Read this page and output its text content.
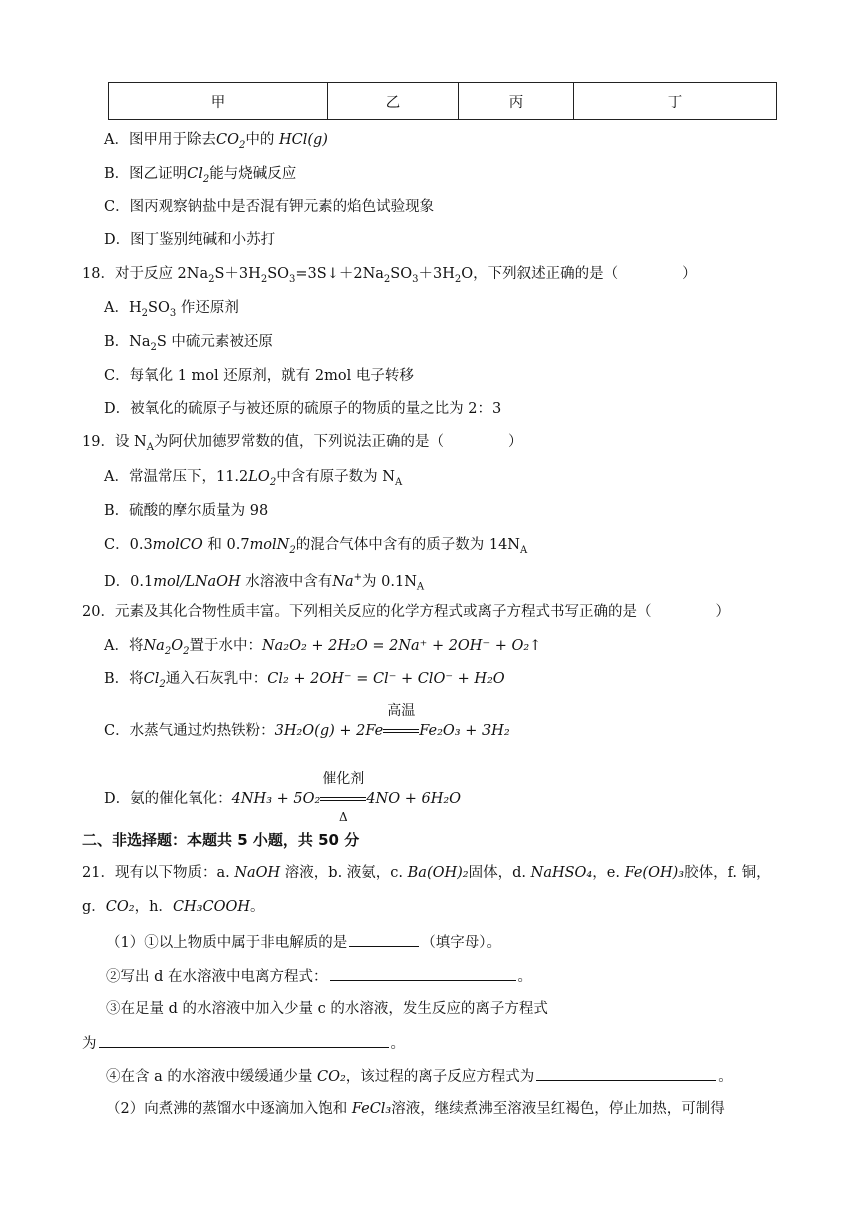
甲	乙	丙	丁
A．图甲用于除去$CO_2$中的 HCl(g)
B．图乙证明$Cl_2$能与烧碱反应
C．图丙观察钠盐中是否混有钾元素的焰色试验现象
D．图丁鉴别纯碱和小苏打
18．对于反应 $2Na_2S+3H_2SO_3=3S↓+2Na_2SO_3+3H_2O$，下列叙述正确的是（	）
A．$H_2SO_3$ 作还原剂
B．$Na_2S$ 中硫元素被还原
C．每氧化 1 mol 还原剂，就有 2mol 电子转移
D．被氧化的硫原子与被还原的硫原子的物质的量之比为 2：3
19．设 $N_A$为阿伏加德罗常数的值，下列说法正确的是（	）
A．常温常压下，$11.2LO_2$中含有原子数为 $N_A$
B．硫酸的摩尔质量为 98
C．0.3molCO 和 0.7molN$_2$的混合气体中含有的质子数为 $14N_A$
D．0.1mol/LNaOH 水溶液中含有Na+为 $0.1N_A$
20．元素及其化合物性质丰富。下列相关反应的化学方程式或离子方程式书写正确的是（	）
A．将$Na_2O_2$置于水中：Na₂O₂ + 2H₂O = 2Na⁺ + 2OH⁻ + O₂↑
B．将$Cl_2$通入石灰乳中：Cl₂ + 2OH⁻ = Cl⁻ + ClO⁻ + H₂O
C．水蒸气通过灼热铁粉：3H₂O(g) + 2Fe
高温
Fe₂O₃ + 3H₂
D．氨的催化氧化：4NH₃ + 5O₂
催化剂
Δ
4NO + 6H₂O
二、非选择题：本题共 5 小题，共 50 分
21．现有以下物质：a. NaOH 溶液，b. 液氨，c. Ba(OH)₂固体，d. NaHSO₄，e. Fe(OH)₃胶体，f. 铜，
g．CO₂，h．CH₃COOH。
（1）①以上物质中属于非电解质的是	（填字母）。
②写出 d 在水溶液中电离方程式：	。
③在足量 d 的水溶液中加入少量 c 的水溶液，发生反应的离子方程式
为	。
④在含 a 的水溶液中缓缓通少量 CO₂，该过程的离子反应方程式为	。
（2）向煮沸的蒸馏水中逐滴加入饱和 FeCl₃溶液，继续煮沸至溶液呈红褐色，停止加热，可制得
